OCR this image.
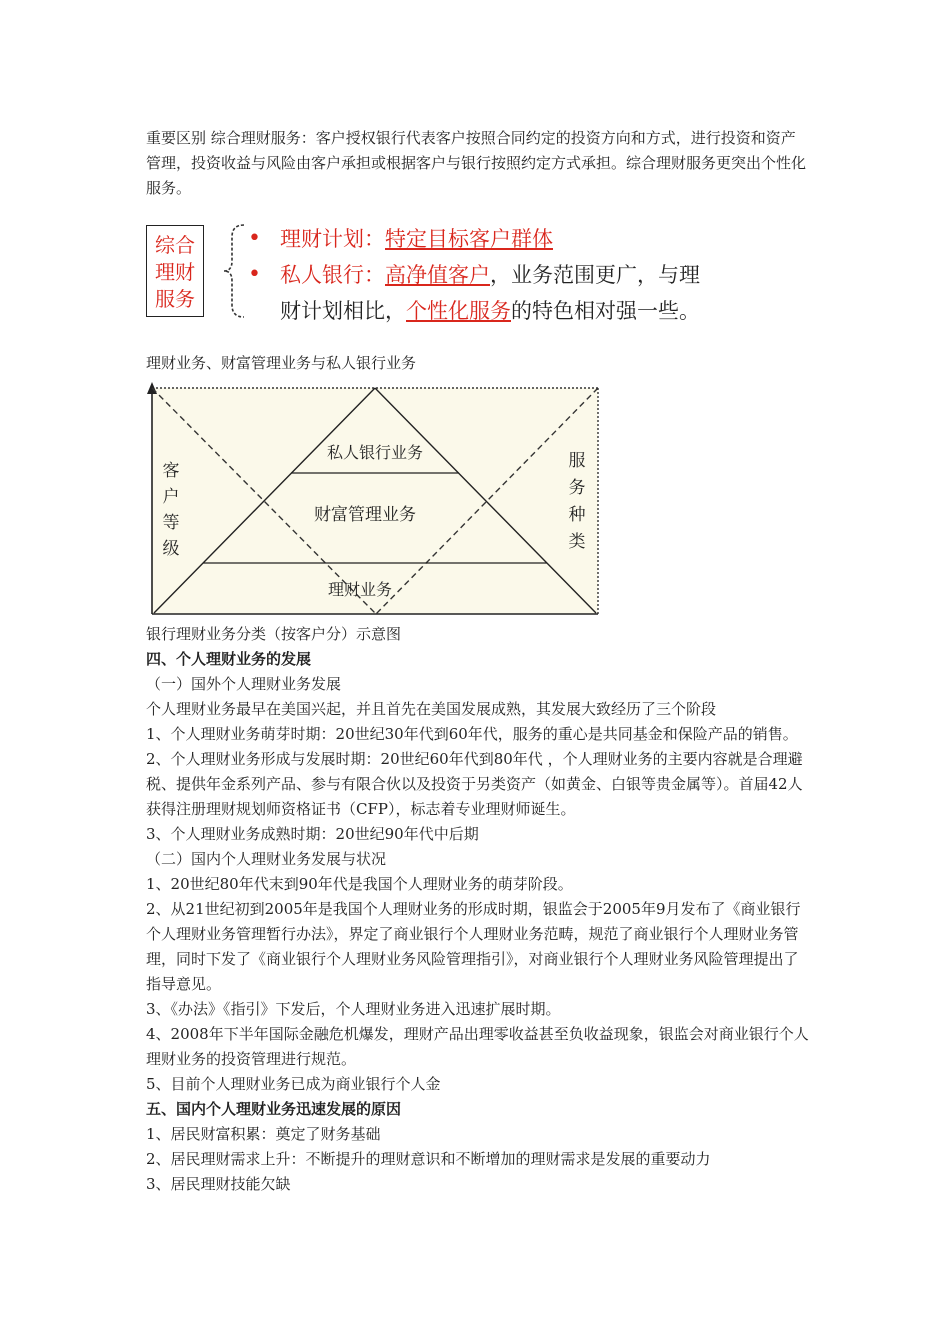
重要区别 综合理财服务：客户授权银行代表客户按照合同约定的投资方向和方式，进行投资和资产管理，投资收益与风险由客户承担或根据客户与银行按照约定方式承担。综合理财服务更突出个性化服务。

综合
理财
服务
• 理财计划：特定目标客户群体
• 私人银行：高净值客户，业务范围更广，与理
财计划相比，个性化服务的特色相对强一些。

理财业务、财富管理业务与私人银行业务

私人银行业务
财富管理业务
理财业务
客
户
等
级
服
务
种
类

银行理财业务分类（按客户分）示意图

四、个人理财业务的发展

（一）国外个人理财业务发展

个人理财业务最早在美国兴起，并且首先在美国发展成熟，其发展大致经历了三个阶段

1、个人理财业务萌芽时期：20世纪30年代到60年代，服务的重心是共同基金和保险产品的销售。

2、个人理财业务形成与发展时期：20世纪60年代到80年代 ，个人理财业务的主要内容就是合理避税、提供年金系列产品、参与有限合伙以及投资于另类资产（如黄金、白银等贵金属等）。首届42人获得注册理财规划师资格证书（CFP），标志着专业理财师诞生。

3、个人理财业务成熟时期：20世纪90年代中后期

（二）国内个人理财业务发展与状况

1、20世纪80年代末到90年代是我国个人理财业务的萌芽阶段。

2、从21世纪初到2005年是我国个人理财业务的形成时期，银监会于2005年9月发布了《商业银行个人理财业务管理暂行办法》，界定了商业银行个人理财业务范畴，规范了商业银行个人理财业务管理，同时下发了《商业银行个人理财业务风险管理指引》，对商业银行个人理财业务风险管理提出了指导意见。

3、《办法》《指引》下发后，个人理财业务进入迅速扩展时期。

4、2008年下半年国际金融危机爆发，理财产品出理零收益甚至负收益现象，银监会对商业银行个人理财业务的投资管理进行规范。

5、目前个人理财业务已成为商业银行个人金

五、国内个人理财业务迅速发展的原因

1、居民财富积累：奠定了财务基础

2、居民理财需求上升：不断提升的理财意识和不断增加的理财需求是发展的重要动力

3、居民理财技能欠缺
